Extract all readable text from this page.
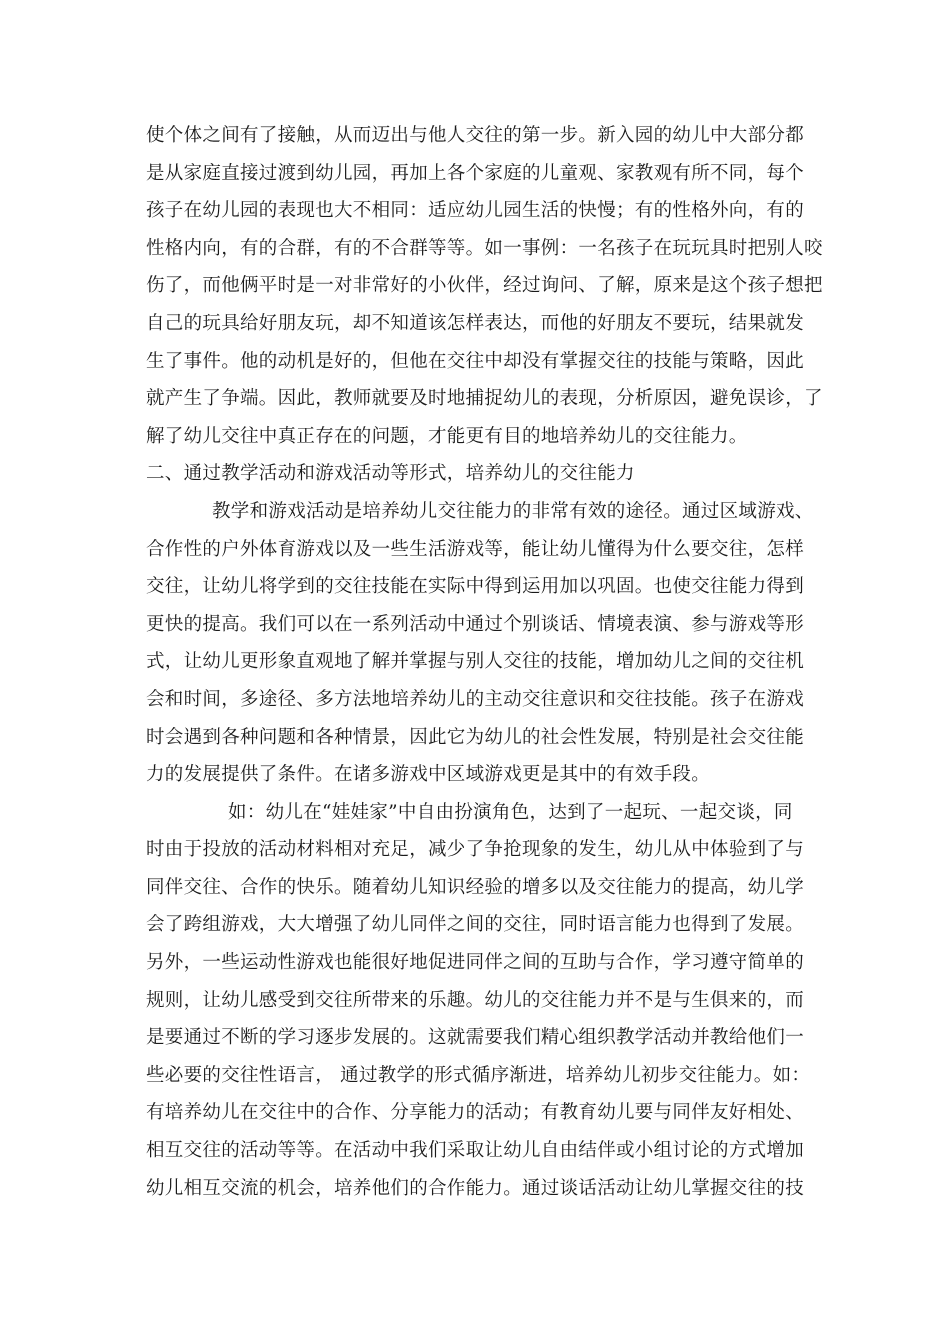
使个体之间有了接触，从而迈出与他人交往的第一步。新入园的幼儿中大部分都
是从家庭直接过渡到幼儿园，再加上各个家庭的儿童观、家教观有所不同，每个
孩子在幼儿园的表现也大不相同：适应幼儿园生活的快慢；有的性格外向，有的
性格内向，有的合群，有的不合群等等。如一事例：一名孩子在玩玩具时把别人咬
伤了，而他俩平时是一对非常好的小伙伴，经过询问、了解，原来是这个孩子想把
自己的玩具给好朋友玩，却不知道该怎样表达，而他的好朋友不要玩，结果就发
生了事件。他的动机是好的，但他在交往中却没有掌握交往的技能与策略，因此
就产生了争端。因此，教师就要及时地捕捉幼儿的表现，分析原因，避免误诊，了
解了幼儿交往中真正存在的问题，才能更有目的地培养幼儿的交往能力。
二、通过教学活动和游戏活动等形式，培养幼儿的交往能力
教学和游戏活动是培养幼儿交往能力的非常有效的途径。通过区域游戏、
合作性的户外体育游戏以及一些生活游戏等，能让幼儿懂得为什么要交往，怎样
交往，让幼儿将学到的交往技能在实际中得到运用加以巩固。也使交往能力得到
更快的提高。我们可以在一系列活动中通过个别谈话、情境表演、参与游戏等形
式，让幼儿更形象直观地了解并掌握与别人交往的技能，增加幼儿之间的交往机
会和时间，多途径、多方法地培养幼儿的主动交往意识和交往技能。孩子在游戏
时会遇到各种问题和各种情景，因此它为幼儿的社会性发展，特别是社会交往能
力的发展提供了条件。在诸多游戏中区域游戏更是其中的有效手段。
如：幼儿在“娃娃家”中自由扮演角色，达到了一起玩、一起交谈，同
时由于投放的活动材料相对充足，减少了争抢现象的发生，幼儿从中体验到了与
同伴交往、合作的快乐。随着幼儿知识经验的增多以及交往能力的提高，幼儿学
会了跨组游戏，大大增强了幼儿同伴之间的交往，同时语言能力也得到了发展。
另外，一些运动性游戏也能很好地促进同伴之间的互助与合作，学习遵守简单的
规则，让幼儿感受到交往所带来的乐趣。幼儿的交往能力并不是与生俱来的，而
是要通过不断的学习逐步发展的。这就需要我们精心组织教学活动并教给他们一
些必要的交往性语言， 通过教学的形式循序渐进，培养幼儿初步交往能力。如：
有培养幼儿在交往中的合作、分享能力的活动；有教育幼儿要与同伴友好相处、
相互交往的活动等等。在活动中我们采取让幼儿自由结伴或小组讨论的方式增加
幼儿相互交流的机会，培养他们的合作能力。通过谈话活动让幼儿掌握交往的技
